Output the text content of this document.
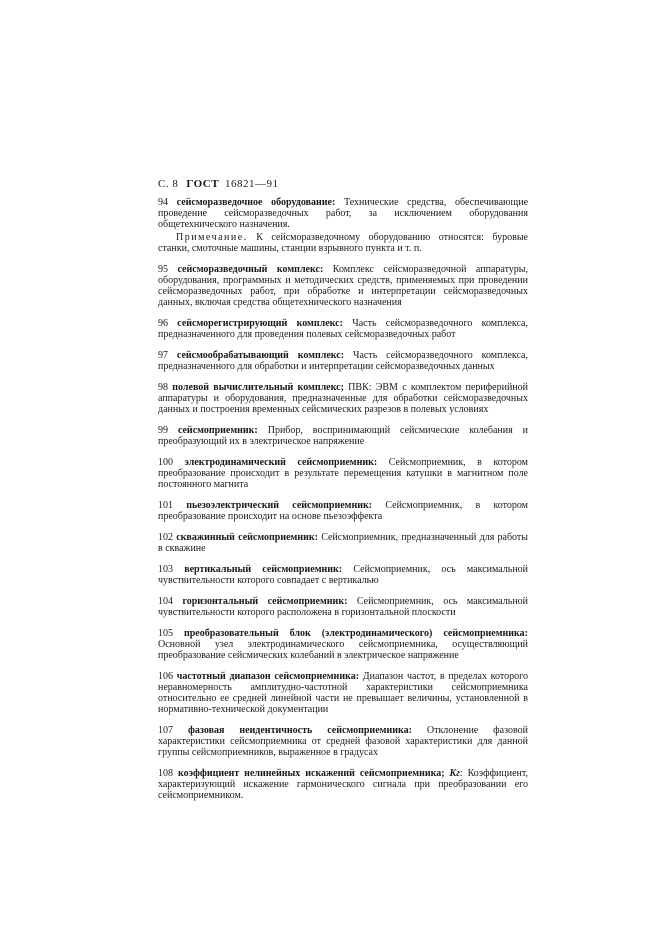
С. 8 ГОСТ 16821—91

94 сейсморазведочное оборудование: Технические средства, обеспечивающие проведение сейсморазведочных работ, за исключением оборудования общетехнического назначения.

Примечание. К сейсморазведочному оборудованию относятся: буровые станки, смоточные машины, станции взрывного пункта и т. п.

95 сейсморазведочный комплекс: Комплекс сейсморазведочной аппаратуры, оборудования, программных и методических средств, применяемых при проведении сейсморазведочных работ, при обработке и интерпретации сейсморазведочных данных, включая средства общетехнического назначения

96 сейсморегистрирующий комплекс: Часть сейсморазведочного комплекса, предназначенного для проведения полевых сейсморазведочных работ

97 сейсмообрабатывающий комплекс: Часть сейсморазведочного комплекса, предназначенного для обработки и интерпретации сейсморазведочных данных

98 полевой вычислительный комплекс; ПВК: ЭВМ с комплектом периферийной аппаратуры и оборудования, предназначенные для обработки сейсморазведочных данных и построения временных сейсмических разрезов в полевых условиях

99 сейсмоприемник: Прибор, воспринимающий сейсмические колебания и преобразующий их в электрическое напряжение

100 электродинамический сейсмоприемник: Сейсмоприемник, в котором преобразование происходит в результате перемещения катушки в магнитном поле постоянного магнита

101 пьезоэлектрический сейсмоприемник: Сейсмоприемник, в котором преобразование происходит на основе пьезоэффекта

102 скважинный сейсмоприемник: Сейсмоприемник, предназначенный для работы в скважине

103 вертикальный сейсмоприемник: Сейсмоприемник, ось максимальной чувствительности которого совпадает с вертикалью

104 горизонтальный сейсмоприемник: Сейсмоприемник, ось максимальной чувствительности которого расположена в горизонтальной плоскости

105 преобразовательный блок (электродинамического) сейсмоприемника: Основной узел электродинамического сейсмоприемника, осуществляющий преобразование сейсмических колебаний в электрическое напряжение

106 частотный диапазон сейсмоприемника: Диапазон частот, в пределах которого неравномерность амплитудно-частотной характеристики сейсмоприемника относительно ее средней линейной части не превышает величины, установленной в нормативно-технической документации

107 фазовая неидентичность сейсмоприемника: Отклонение фазовой характеристики сейсмоприемника от средней фазовой характеристики для данной группы сейсмоприемников, выраженное в градусах

108 коэффициент нелинейных искажений сейсмоприемника; Kг: Коэффициент, характеризующий искажение гармонического сигнала при преобразовании его сейсмоприемником.
